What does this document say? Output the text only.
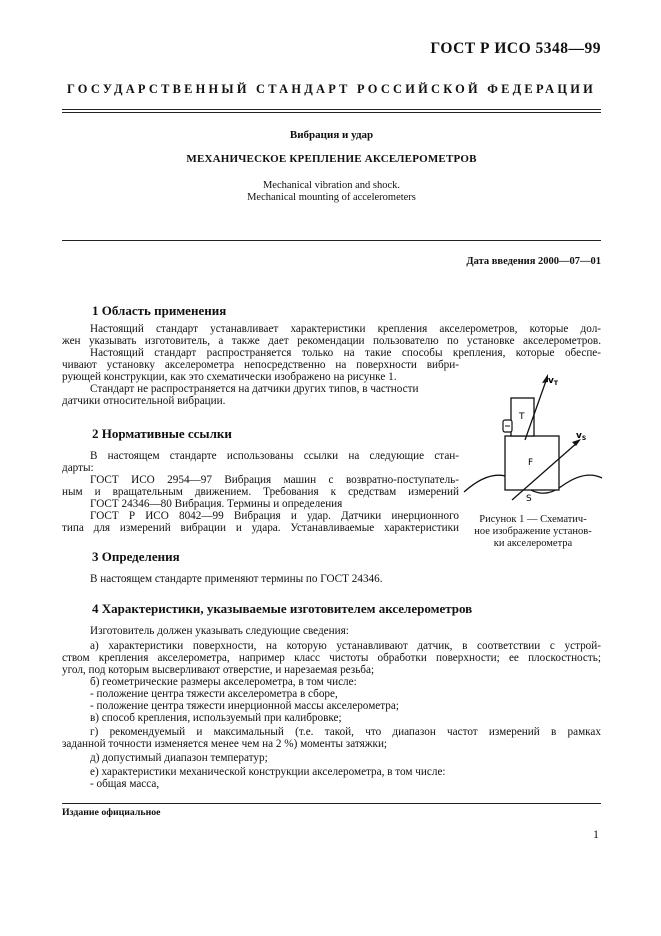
ГОСТ Р ИСО 5348—99
ГОСУДАРСТВЕННЫЙ СТАНДАРТ РОССИЙСКОЙ ФЕДЕРАЦИИ
Вибрация и удар
МЕХАНИЧЕСКОЕ КРЕПЛЕНИЕ АКСЕЛЕРОМЕТРОВ
Mechanical vibration and shock.
Mechanical mounting of accelerometers
Дата введения 2000—07—01
1 Область применения
Настоящий стандарт устанавливает характеристики крепления акселерометров, которые дол-
жен указывать изготовитель, а также дает рекомендации пользователю по установке акселерометров.
Настоящий стандарт распространяется только на такие способы крепления, которые обеспе-
чивают установку акселерометра непосредственно на поверхности вибри-
рующей конструкции, как это схематически изображено на рисунке 1.
Стандарт не распространяется на датчики других типов, в частности
датчики относительной вибрации.
2 Нормативные ссылки
В настоящем стандарте использованы ссылки на следующие стан-
дарты:
ГОСТ ИСО 2954—97 Вибрация машин с возвратно-поступатель-
ным и вращательным движением. Требования к средствам измерений
ГОСТ 24346—80 Вибрация. Термины и определения
ГОСТ Р ИСО 8042—99 Вибрация и удар. Датчики инерционного
типа для измерений вибрации и удара. Устанавливаемые характеристики
T
F
S
$v_T$
$v_S$
Рисунок 1 — Схематич-
ное изображение установ-
ки акселерометра
3 Определения
В настоящем стандарте применяют термины по ГОСТ 24346.
4 Характеристики, указываемые изготовителем акселерометров
Изготовитель должен указывать следующие сведения:
а) характеристики поверхности, на которую устанавливают датчик, в соответствии с устрой-
ством крепления акселерометра, например класс чистоты обработки поверхности; ее плоскостность;
угол, под которым высверливают отверстие, и нарезаемая резьба;
б) геометрические размеры акселерометра, в том числе:
- положение центра тяжести акселерометра в сборе,
- положение центра тяжести инерционной массы акселерометра;
в) способ крепления, используемый при калибровке;
г) рекомендуемый и максимальный (т.е. такой, что диапазон частот измерений в рамках
заданной точности изменяется менее чем на 2 %) моменты затяжки;
д) допустимый диапазон температур;
е) характеристики механической конструкции акселерометра, в том числе:
- общая масса,
Издание официальное
1
